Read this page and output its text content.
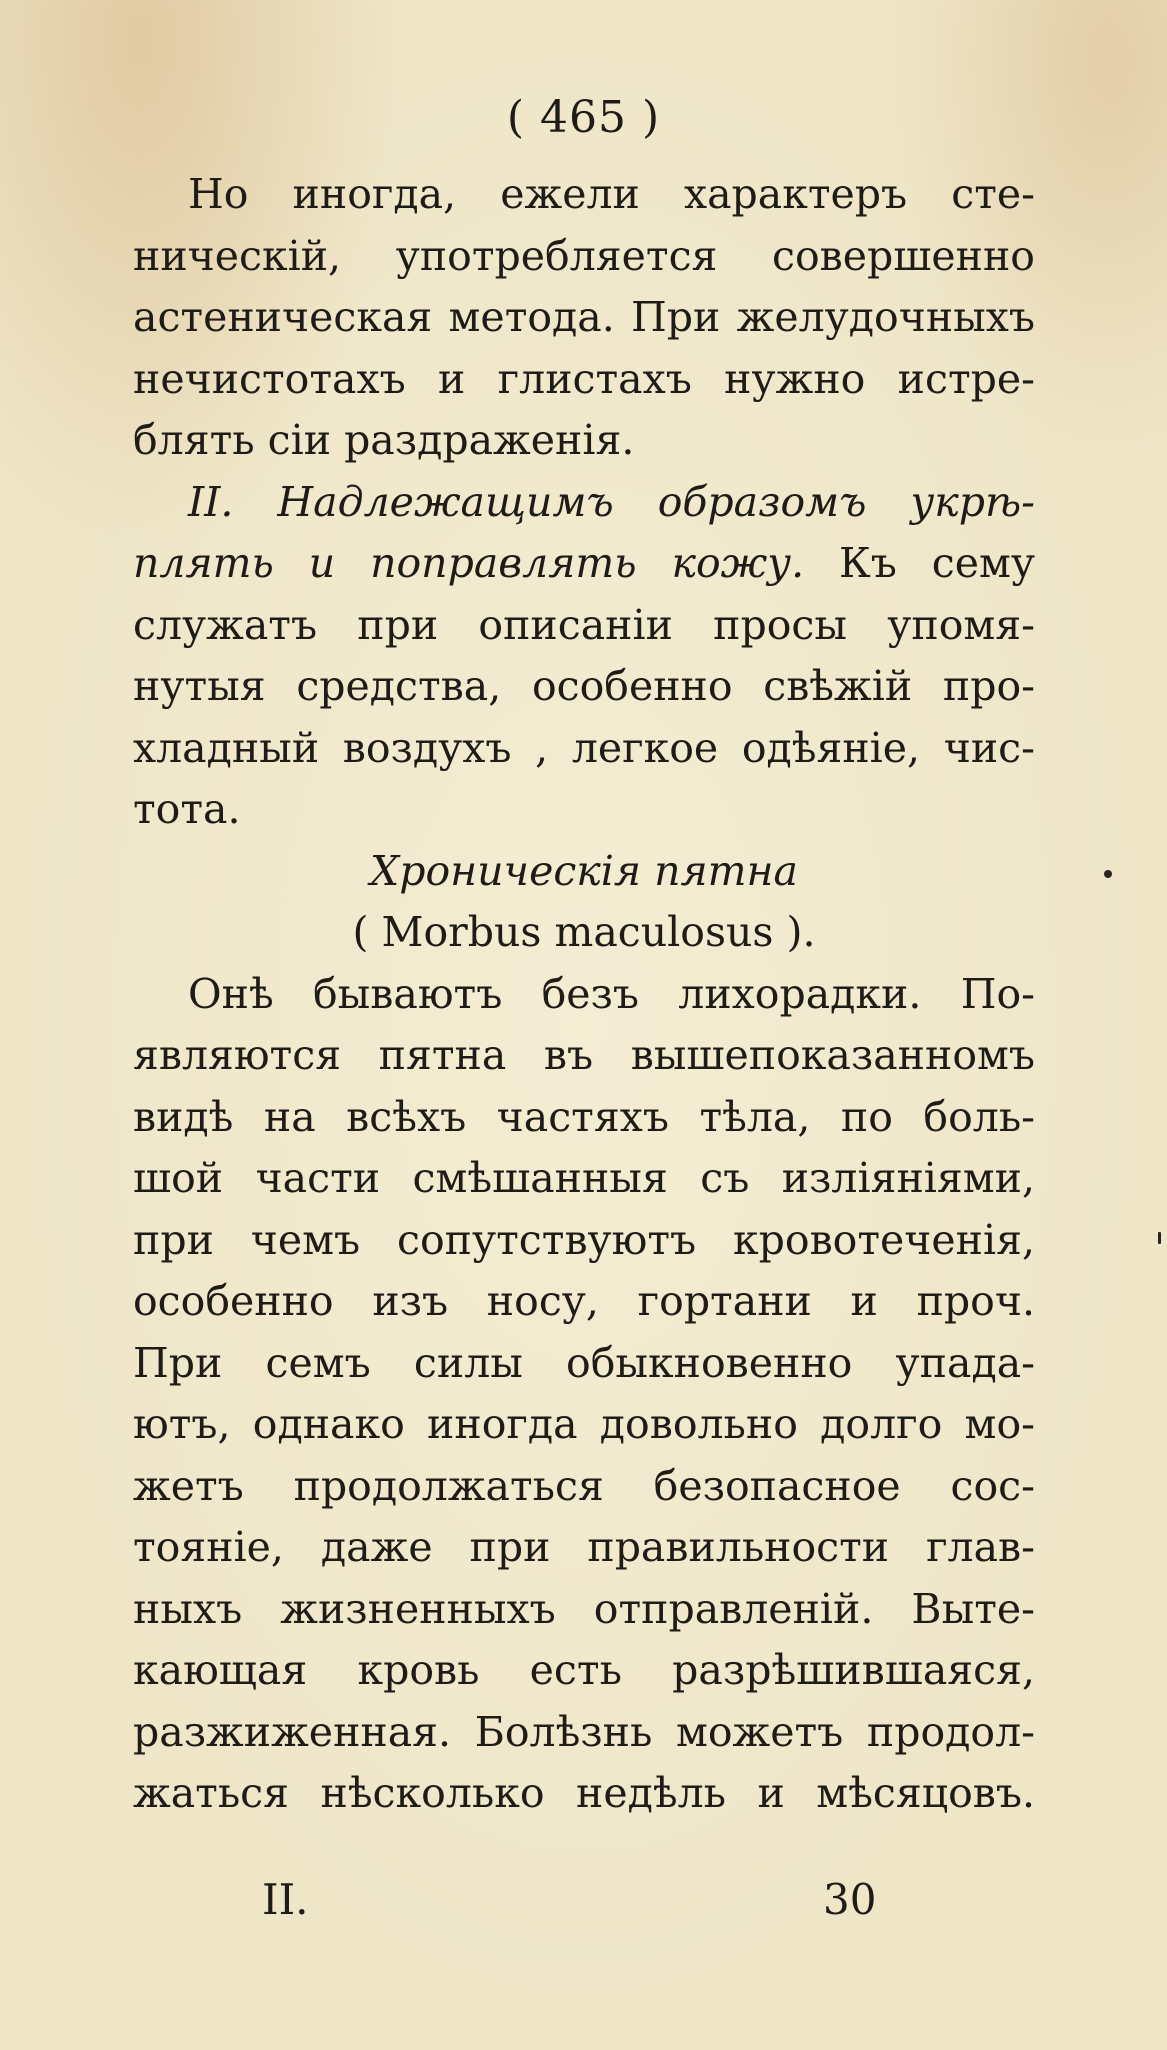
( 465 )
Но иногда, ежели характеръ сте-
ническій, употребляется совершенно
астеническая метода. При желудочныхъ
нечистотахъ и глистахъ нужно истре-
блять сіи раздраженія.
II. Надлежащимъ образомъ укрѣ-
плять и поправлять кожу. Къ сему
служатъ при описаніи просы упомя-
нутыя средства, особенно свѣжій про-
хладный воздухъ , легкое одѣяніе, чис-
тота.
Хроническія пятна
( Morbus maculosus ).
Онѣ бываютъ безъ лихорадки. По-
являются пятна въ вышепоказанномъ
видѣ на всѣхъ частяхъ тѣла, по боль-
шой части смѣшанныя съ изліяніями,
при чемъ сопутствуютъ кровотеченія,
особенно изъ носу, гортани и проч.
При семъ силы обыкновенно упада-
ютъ, однако иногда довольно долго мо-
жетъ продолжаться безопасное сос-
тояніе, даже при правильности глав-
ныхъ жизненныхъ отправленій. Выте-
кающая кровь есть разрѣшившаяся,
разжиженная. Болѣзнь можетъ продол-
жаться нѣсколько недѣль и мѣсяцовъ.
II.	30
